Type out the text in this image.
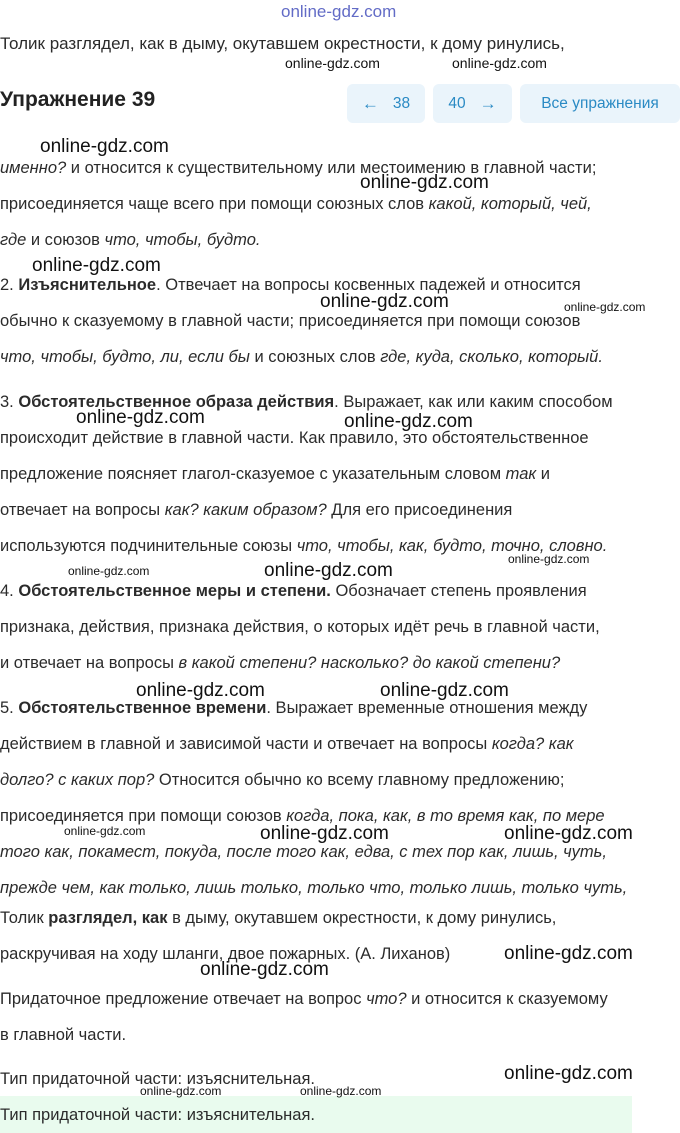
online-gdz.com
Толик разглядел, как в дыму, окутавшем окрестности, к дому ринулись,
Упражнение 39	← 38 40 →	Все упражнения
именно? и относится к существительному или местоимению в главной части;
присоединяется чаще всего при помощи союзных слов какой, который, чей,
где и союзов что, чтобы, будто.
2. Изъяснительное. Отвечает на вопросы косвенных падежей и относится
обычно к сказуемому в главной части; присоединяется при помощи союзов
что, чтобы, будто, ли, если бы и союзных слов где, куда, сколько, который.
3. Обстоятельственное образа действия. Выражает, как или каким способом
происходит действие в главной части. Как правило, это обстоятельственное
предложение поясняет глагол-сказуемое с указательным словом так и
отвечает на вопросы как? каким образом? Для его присоединения
используются подчинительные союзы что, чтобы, как, будто, точно, словно.
4. Обстоятельственное меры и степени. Обозначает степень проявления
признака, действия, признака действия, о которых идёт речь в главной части,
и отвечает на вопросы в какой степени? насколько? до какой степени?
5. Обстоятельственное времени. Выражает временные отношения между
действием в главной и зависимой части и отвечает на вопросы когда? как
долго? с каких пор? Относится обычно ко всему главному предложению;
присоединяется при помощи союзов когда, пока, как, в то время как, по мере
того как, покамест, покуда, после того как, едва, с тех пор как, лишь, чуть,
прежде чем, как только, лишь только, только что, только лишь, только чуть,
Толик разглядел, как в дыму, окутавшем окрестности, к дому ринулись,
раскручивая на ходу шланги, двое пожарных. (А. Лиханов)
Придаточное предложение отвечает на вопрос что? и относится к сказуемому
в главной части.
Тип придаточной части: изъяснительная.
Тип придаточной части: изъяснительная.
online-gdz.com	online-gdz.com
online-gdz.com
online-gdz.com
online-gdz.com
online-gdz.com	online-gdz.com
online-gdz.com	online-gdz.com
online-gdz.com
online-gdz.com	online-gdz.com
online-gdz.com	online-gdz.com
online-gdz.com	online-gdz.com	online-gdz.com
online-gdz.com
online-gdz.com
online-gdz.com
online-gdz.com	online-gdz.com
